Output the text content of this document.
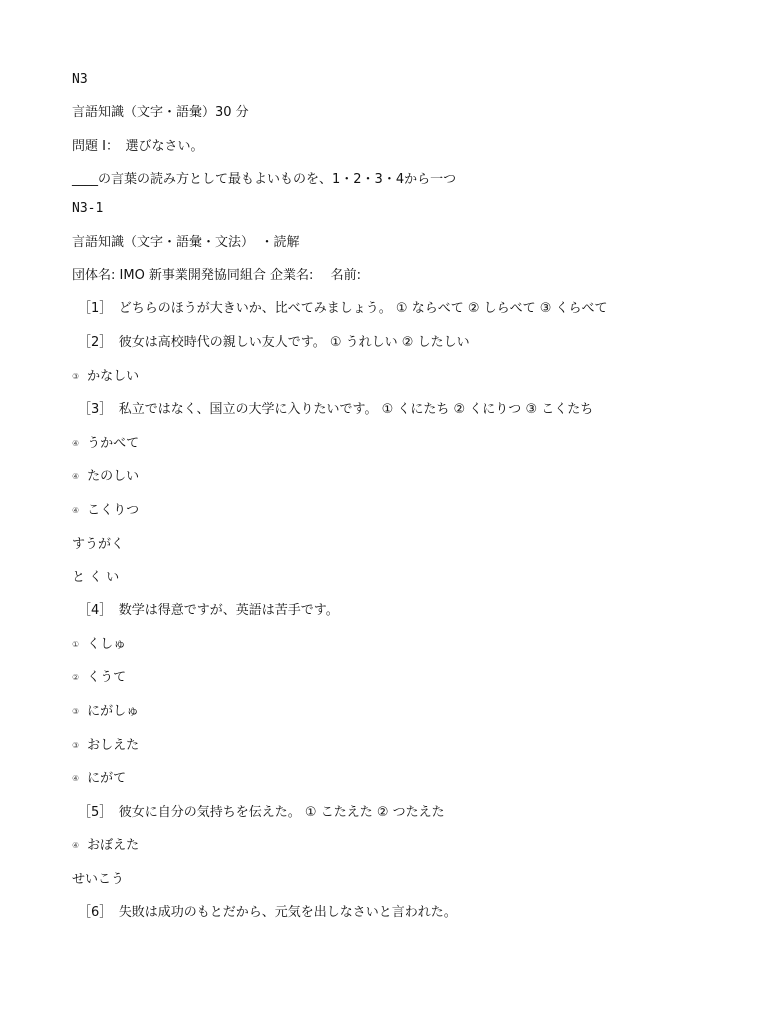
N3
言語知識（文字・語彙）30 分
問題 I：　選びなさい。
____の言葉の読み方として最もよいものを、1・2・3・4から一つ
N3-1
言語知識（文字・語彙・文法）　・読解
団体名: IMO 新事業開発協同組合 企業名:　 名前:
［1］　どちらのほうが大きいか、比べてみましょう。 ① ならべて ② しらべて ③ くらべて
［2］　彼女は高校時代の親しい友人です。 ① うれしい ② したしい
③ かなしい
［3］　私立ではなく、国立の大学に入りたいです。 ① くにたち ② くにりつ ③ こくたち
④ うかべて
④ たのしい
④ こくりつ
すうがく
と く い
［4］　数学は得意ですが、英語は苦手です。
① くしゅ
② くうて
③ にがしゅ
③ おしえた
④ にがて
［5］　彼女に自分の気持ちを伝えた。 ① こたえた ② つたえた
④ おぼえた
せいこう
［6］　失敗は成功のもとだから、元気を出しなさいと言われた。
